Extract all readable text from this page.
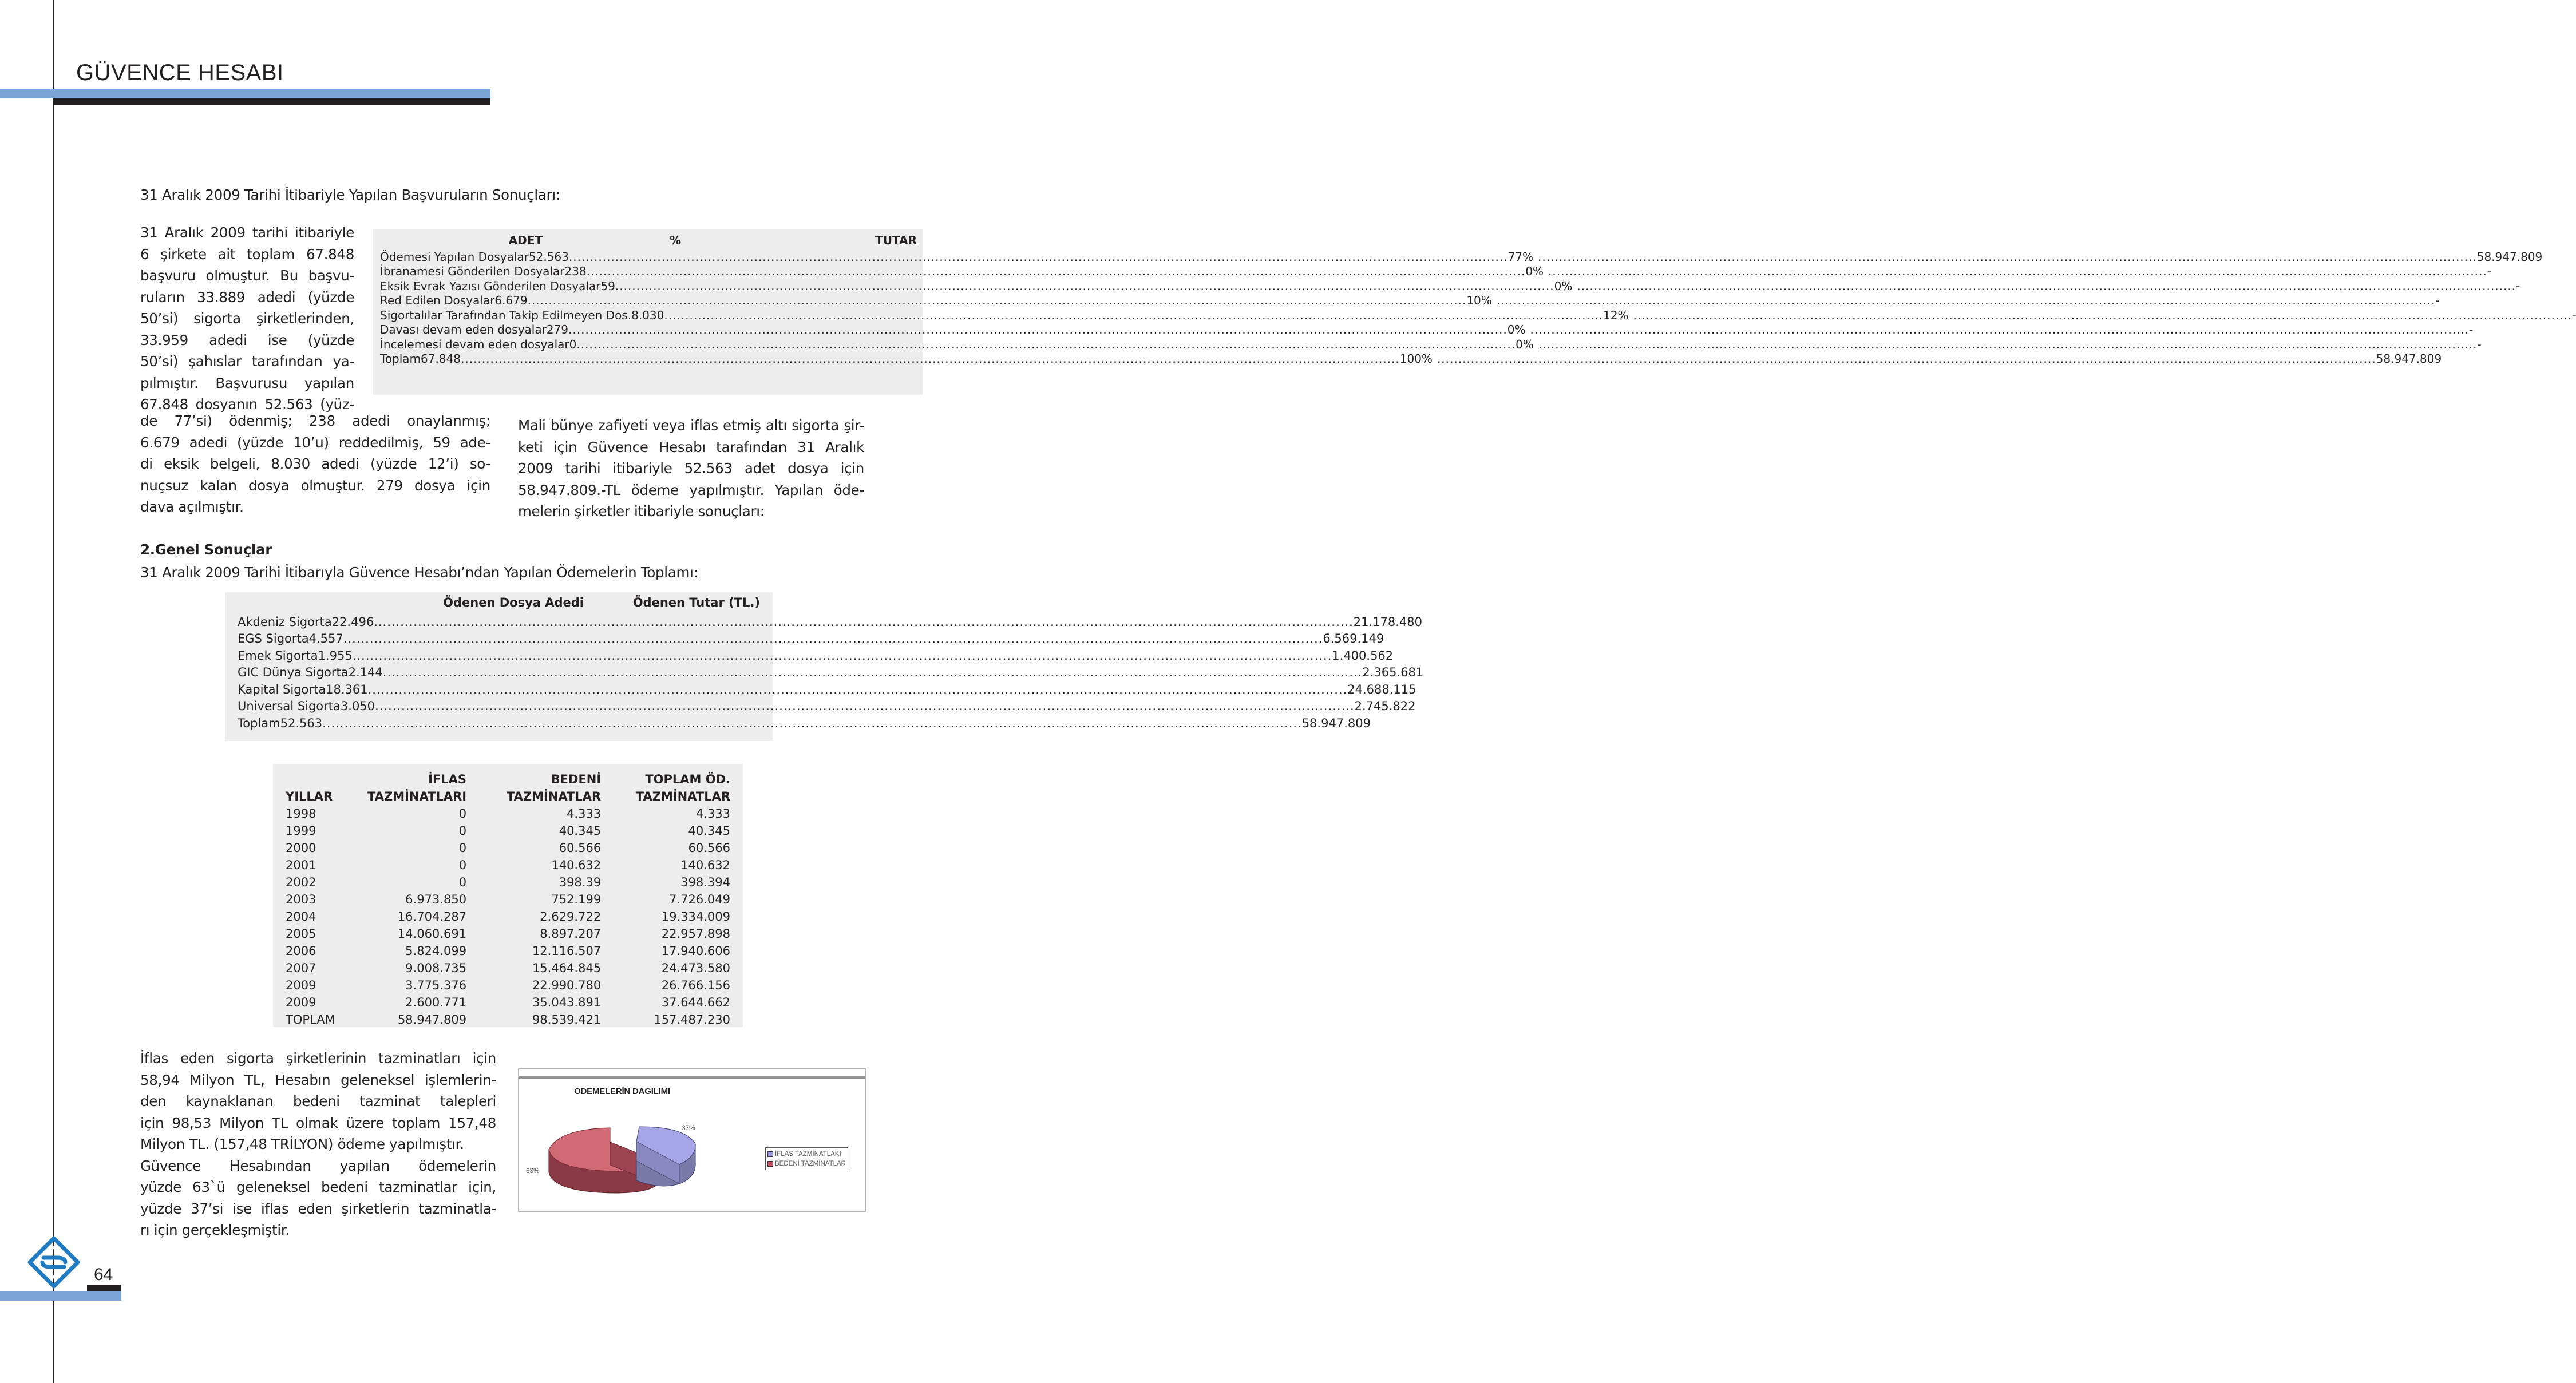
GÜVENCE HESABI
31 Aralık 2009 Tarihi İtibariyle Yapılan Başvuruların Sonuçları:
31 Aralık 2009 tarihi itibariyle
6 şirkete ait toplam 67.848
başvuru olmuştur. Bu başvu-
ruların 33.889 adedi (yüzde
50’si) sigorta şirketlerinden,
33.959 adedi ise (yüzde
50’si) şahıslar tarafından ya-
pılmıştır. Başvurusu yapılan
67.848 dosyanın 52.563 (yüz-
ADET	%	TUTAR
Ödemesi Yapılan Dosyalar 52.563 .....	77% .....	58.947.809
İbranamesi Gönderilen Dosyalar 238 .....	0% .....	-
Eksik Evrak Yazısı Gönderilen Dosyalar 59 .....	0% .....	-
Red Edilen Dosyalar 6.679 .....	10% .....	-
Sigortalılar Tarafından Takip Edilmeyen Dos. 8.030 .....	12% .....	-
Davası devam eden dosyalar 279 .....	0% .....	-
İncelemesi devam eden dosyalar 0 .....	0% .....	-
Toplam 67.848 .....	100% .....	58.947.809
de 77’si) ödenmiş; 238 adedi onaylanmış;
6.679 adedi (yüzde 10’u) reddedilmiş, 59 ade-
di eksik belgeli, 8.030 adedi (yüzde 12’i) so-
nuçsuz kalan dosya olmuştur. 279 dosya için
dava açılmıştır.
Mali bünye zafiyeti veya iflas etmiş altı sigorta şir-
keti için Güvence Hesabı tarafından 31 Aralık
2009 tarihi itibariyle 52.563 adet dosya için
58.947.809.-TL ödeme yapılmıştır. Yapılan öde-
melerin şirketler itibariyle sonuçları:
2.Genel Sonuçlar
31 Aralık 2009 Tarihi İtibarıyla Güvence Hesabı’ndan Yapılan Ödemelerin Toplamı:
Ödenen Dosya Adedi	Ödenen Tutar (TL.)
Akdeniz Sigorta 22.496 .....	21.178.480
EGS Sigorta 4.557 .....	6.569.149
Emek Sigorta 1.955 .....	1.400.562
GIC Dünya Sigorta 2.144 .....	2.365.681
Kapital Sigorta 18.361 .....	24.688.115
Universal Sigorta 3.050 .....	2.745.822
Toplam 52.563 .....	58.947.809
	İFLAS	BEDENİ	TOPLAM ÖD.
YILLAR	TAZMİNATLARI	TAZMİNATLAR	TAZMİNATLAR
1998	0	4.333	4.333
1999	0	40.345	40.345
2000	0	60.566	60.566
2001	0	140.632	140.632
2002	0	398.39	398.394
2003	6.973.850	752.199	7.726.049
2004	16.704.287	2.629.722	19.334.009
2005	14.060.691	8.897.207	22.957.898
2006	5.824.099	12.116.507	17.940.606
2007	9.008.735	15.464.845	24.473.580
2009	3.775.376	22.990.780	26.766.156
2009	2.600.771	35.043.891	37.644.662
TOPLAM	58.947.809	98.539.421	157.487.230
İflas eden sigorta şirketlerinin tazminatları için
58,94 Milyon TL, Hesabın geleneksel işlemlerin-
den kaynaklanan bedeni tazminat talepleri
için 98,53 Milyon TL olmak üzere toplam 157,48
Milyon TL. (157,48 TRİLYON) ödeme yapılmıştır.
Güvence Hesabından yapılan ödemelerin
yüzde 63`ü geleneksel bedeni tazminatlar için,
yüzde 37’si ise iflas eden şirketlerin tazminatla-
rı için gerçekleşmiştir.
ODEMELERİN DAGILIMI
37%
63%
İFLAS TAZMİNATLAKI
BEDENİ TAZMİNATLAR
64
